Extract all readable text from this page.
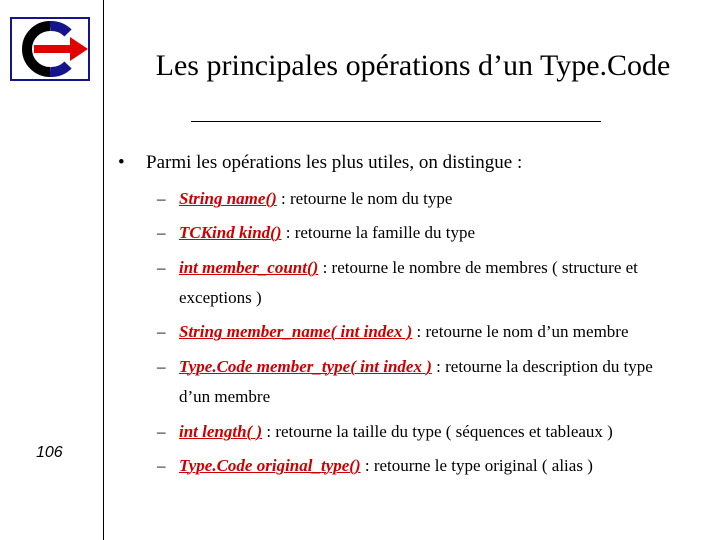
106
Les principales opérations d’un Type.Code
• Parmi les opérations les plus utiles, on distingue :
– String name() : retourne le nom du type
– TCKind kind() : retourne la famille du type
– int member_count() : retourne le nombre de membres ( structure et
exceptions )
– String member_name( int index ) : retourne le nom d’un membre
– Type.Code member_type( int index ) : retourne la description du type
d’un membre
– int length( ) : retourne la taille du type ( séquences et tableaux )
– Type.Code original_type() : retourne le type original ( alias )
